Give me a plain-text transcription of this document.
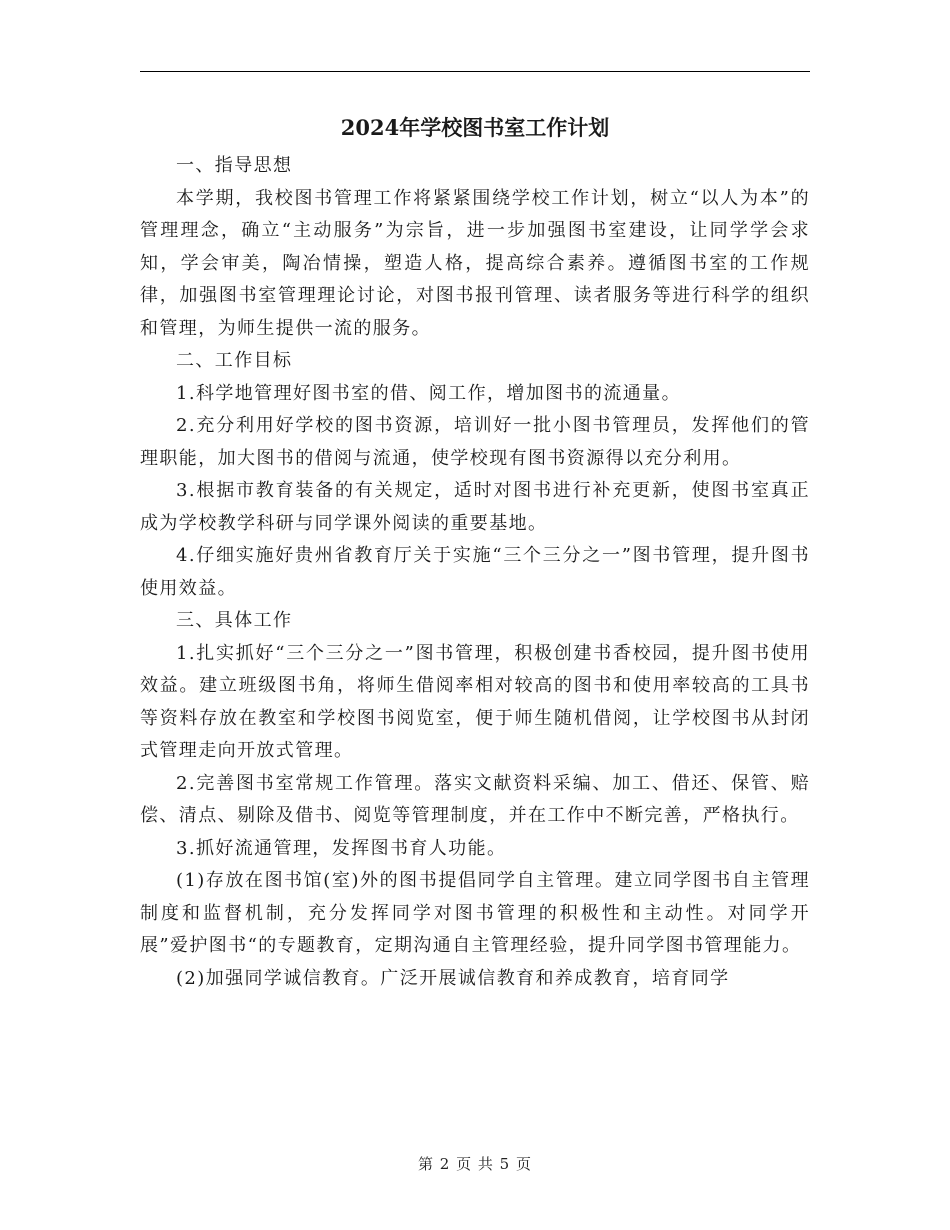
2024年学校图书室工作计划

一、指导思想

本学期，我校图书管理工作将紧紧围绕学校工作计划，树立“以人为本”的管理理念，确立“主动服务”为宗旨，进一步加强图书室建设，让同学学会求知，学会审美，陶冶情操，塑造人格，提高综合素养。遵循图书室的工作规律，加强图书室管理理论讨论，对图书报刊管理、读者服务等进行科学的组织和管理，为师生提供一流的服务。

二、工作目标

1.科学地管理好图书室的借、阅工作，增加图书的流通量。

2.充分利用好学校的图书资源，培训好一批小图书管理员，发挥他们的管理职能，加大图书的借阅与流通，使学校现有图书资源得以充分利用。

3.根据市教育装备的有关规定，适时对图书进行补充更新，使图书室真正成为学校教学科研与同学课外阅读的重要基地。

4.仔细实施好贵州省教育厅关于实施“三个三分之一”图书管理，提升图书使用效益。

三、具体工作

1.扎实抓好“三个三分之一”图书管理，积极创建书香校园，提升图书使用效益。建立班级图书角，将师生借阅率相对较高的图书和使用率较高的工具书等资料存放在教室和学校图书阅览室，便于师生随机借阅，让学校图书从封闭式管理走向开放式管理。

2.完善图书室常规工作管理。落实文献资料采编、加工、借还、保管、赔偿、清点、剔除及借书、阅览等管理制度，并在工作中不断完善，严格执行。

3.抓好流通管理，发挥图书育人功能。

(1)存放在图书馆(室)外的图书提倡同学自主管理。建立同学图书自主管理制度和监督机制，充分发挥同学对图书管理的积极性和主动性。对同学开展”爱护图书“的专题教育，定期沟通自主管理经验，提升同学图书管理能力。

(2)加强同学诚信教育。广泛开展诚信教育和养成教育，培育同学

第 2 页 共 5 页
